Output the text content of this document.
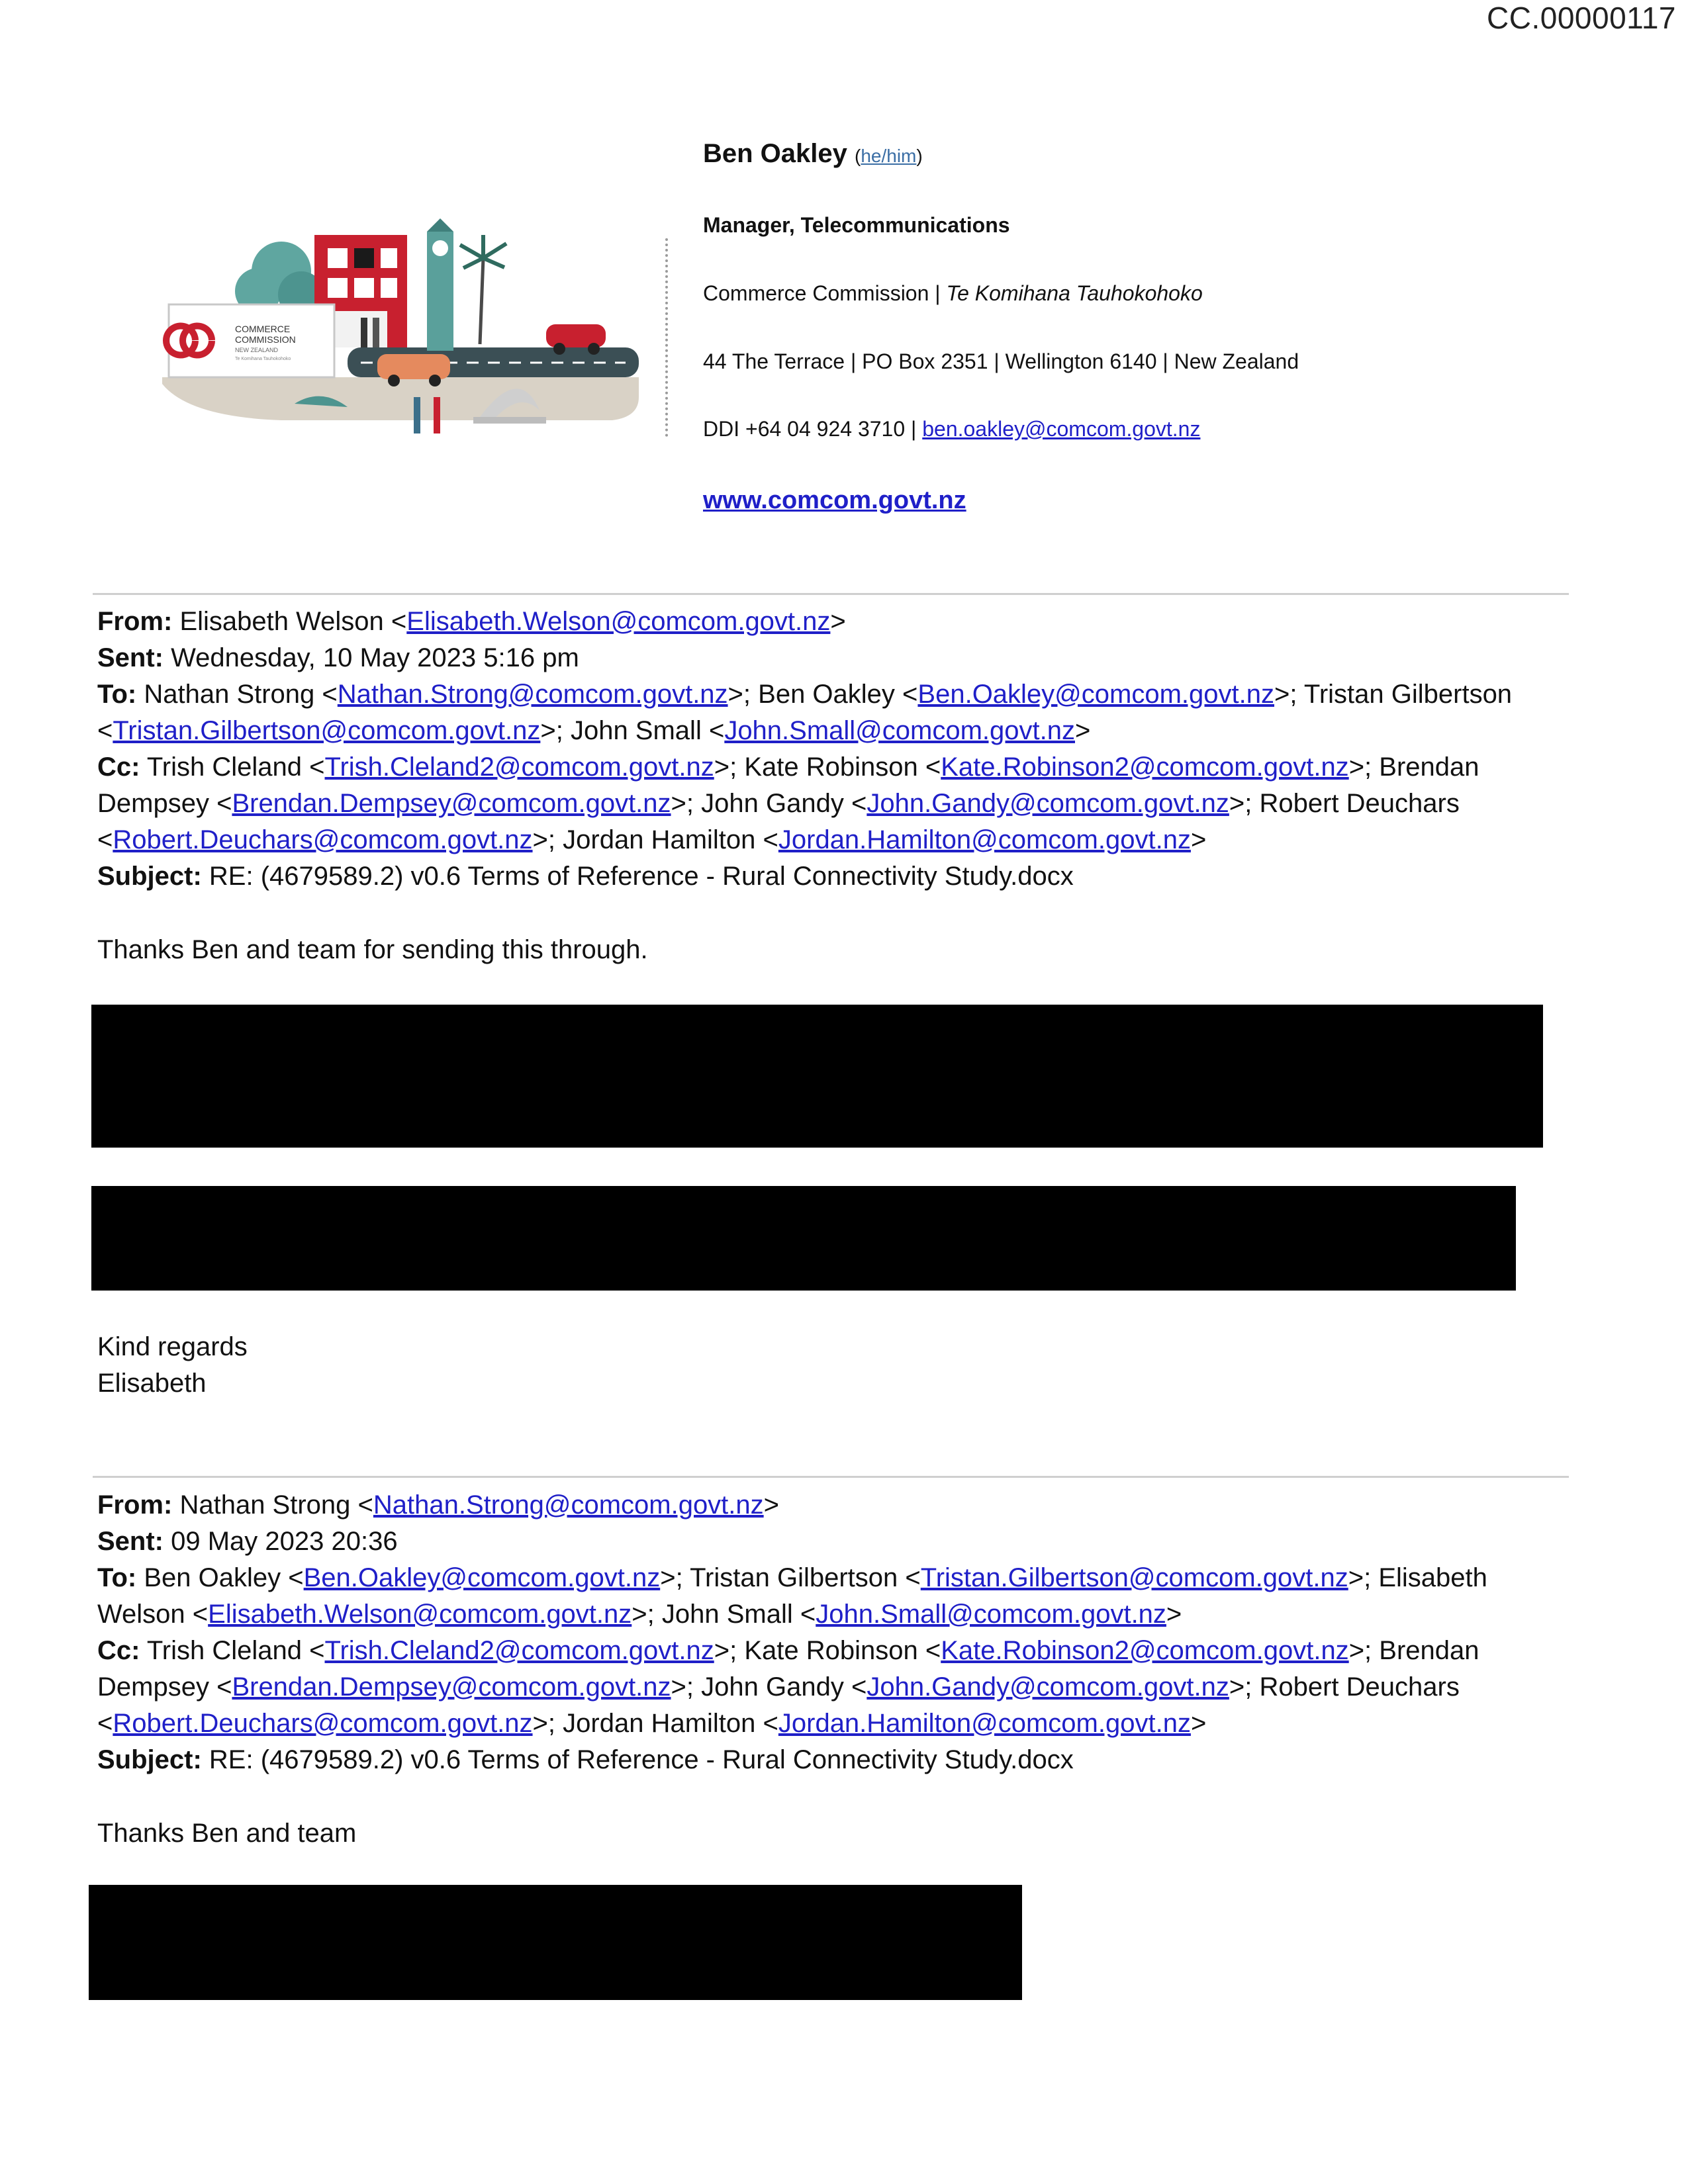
CC.00000117
COMMERCE
COMMISSION
NEW ZEALAND
Te Komihana Tauhokohoko
Ben Oakley (he/him)
Manager, Telecommunications
Commerce Commission | Te Komihana Tauhokohoko
44 The Terrace | PO Box 2351 | Wellington 6140 | New Zealand
DDI +64 04 924 3710 | ben.oakley@comcom.govt.nz
www.comcom.govt.nz
From: Elisabeth Welson <Elisabeth.Welson@comcom.govt.nz>
Sent: Wednesday, 10 May 2023 5:16 pm
To: Nathan Strong <Nathan.Strong@comcom.govt.nz>; Ben Oakley <Ben.Oakley@comcom.govt.nz>; Tristan Gilbertson <Tristan.Gilbertson@comcom.govt.nz>; John Small <John.Small@comcom.govt.nz>
Cc: Trish Cleland <Trish.Cleland2@comcom.govt.nz>; Kate Robinson <Kate.Robinson2@comcom.govt.nz>; Brendan Dempsey <Brendan.Dempsey@comcom.govt.nz>; John Gandy <John.Gandy@comcom.govt.nz>; Robert Deuchars <Robert.Deuchars@comcom.govt.nz>; Jordan Hamilton <Jordan.Hamilton@comcom.govt.nz>
Subject: RE: (4679589.2) v0.6 Terms of Reference - Rural Connectivity Study.docx
Thanks Ben and team for sending this through.
Kind regards
Elisabeth
From: Nathan Strong <Nathan.Strong@comcom.govt.nz>
Sent: 09 May 2023 20:36
To: Ben Oakley <Ben.Oakley@comcom.govt.nz>; Tristan Gilbertson <Tristan.Gilbertson@comcom.govt.nz>; Elisabeth Welson <Elisabeth.Welson@comcom.govt.nz>; John Small <John.Small@comcom.govt.nz>
Cc: Trish Cleland <Trish.Cleland2@comcom.govt.nz>; Kate Robinson <Kate.Robinson2@comcom.govt.nz>; Brendan Dempsey <Brendan.Dempsey@comcom.govt.nz>; John Gandy <John.Gandy@comcom.govt.nz>; Robert Deuchars <Robert.Deuchars@comcom.govt.nz>; Jordan Hamilton <Jordan.Hamilton@comcom.govt.nz>
Subject: RE: (4679589.2) v0.6 Terms of Reference - Rural Connectivity Study.docx
Thanks Ben and team
